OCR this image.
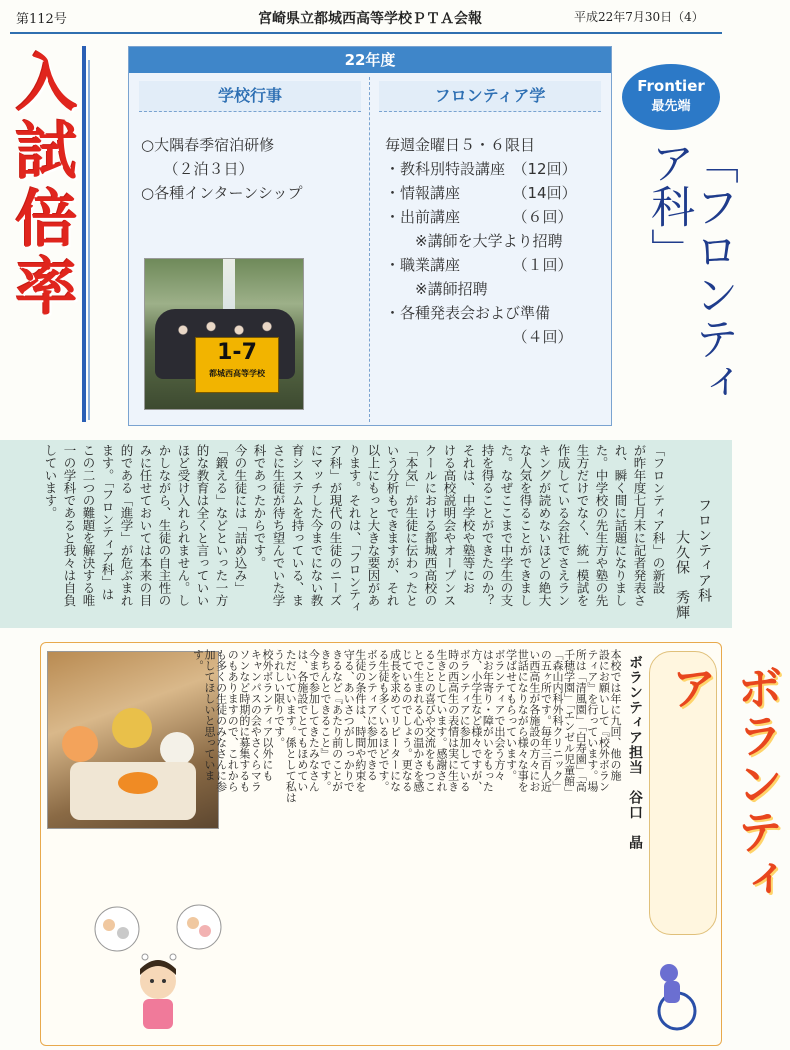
第112号	宮崎県立都城西高等学校ＰＴＡ会報	平成22年7月30日（4）
入試倍率	22年度
学校行事	フロンティア学
○大隅春季宿泊研修
　　（２泊３日）
○各種インターンシップ
毎週金曜日５・６限目
・教科別特設講座　（12回）
・情報講座　　　　（14回）
・出前講座　　　　（６回）
　　※講師を大学より招聘
・職業講座　　　　（１回）
　　※講師招聘
・各種発表会および準備
　　　　　　　　　（４回）
1-7
都城西高等学校
Frontier
最先端
「フロンティア科」
フロンティア科
大久保　秀輝
「フロンティア科」の新設
が昨年度七月末に記者発表さ
れ、瞬く間に話題になりまし
た。中学校の先生方や塾の先
生方だけでなく、統一模試を
作成している会社でさえラン
キングが読めないほどの絶大
な人気を得ることができまし
た。なぜここまで中学生の支
持を得ることができたのか？
それは、中学校や塾等にお
ける高校説明会やオープンス
クールにおける都城西高校の
「本気」が生徒に伝わったと
いう分析もできますが、それ
以上にもっと大きな要因があ
ります。それは、「フロンティ
ア科」が現代の生徒のニーズ
にマッチした今までにない教
育システムを持っている、ま
さに生徒が待ち望んでいた学
科であったからです。
今の生徒には「詰め込み」
「鍛える」などといった一方
的な教育は全くと言っていい
ほど受け入れられません。し
かしながら、生徒の自主性の
みに任せておいては本来の目
的である「進学」が危ぶまれ
ます。「フロンティア科」は
この二つの難題を解決する唯
一の学科であると我々は自負
しています。
ボランティア
ボランティア担当　谷口　晶
本校では年に九回、他の施
設にお願いして『校外ボラン
ティア』を行っています。場
所は「清風園」「白寿園」「高
千穂学園」「エンゼル児童館」
「森山内科外科クリニック」
の五ヶ所です。毎年三百人近
い西高生が各施設の方々にお
世話になりながら様々な事を
学ばせてもらっています。
ボランティアで出会う方々
はお年寄り・障がいをもった
方、小学生など様々ですが、
ボランティアに参加している
時の西高生の表情は実に生き
生きとしています。感謝され
ることの喜びや交流をもつこ
とで生まれる心の温かさを感
じているのでしょう。更なる
成長を求めてリピーターにな
る生徒も多くいるほどです。
ボランティアに参加できる
生徒の条件は、時間や約束を
守る、あいさつがしっかりで
きるなど『あたり前のことが
きちんとできること』です。
今まで参加してきたみなさん
は、各施設でとてもほめてい
ただいています。係として私は
うれしい限りです。
校外ボランティア以外にも
キャンパスの会やさくらマラ
ソンなど時期的に募集するも
のもありますので、これから
も多くの生徒のみなさんに参
加してほしいと思っていま
す。
